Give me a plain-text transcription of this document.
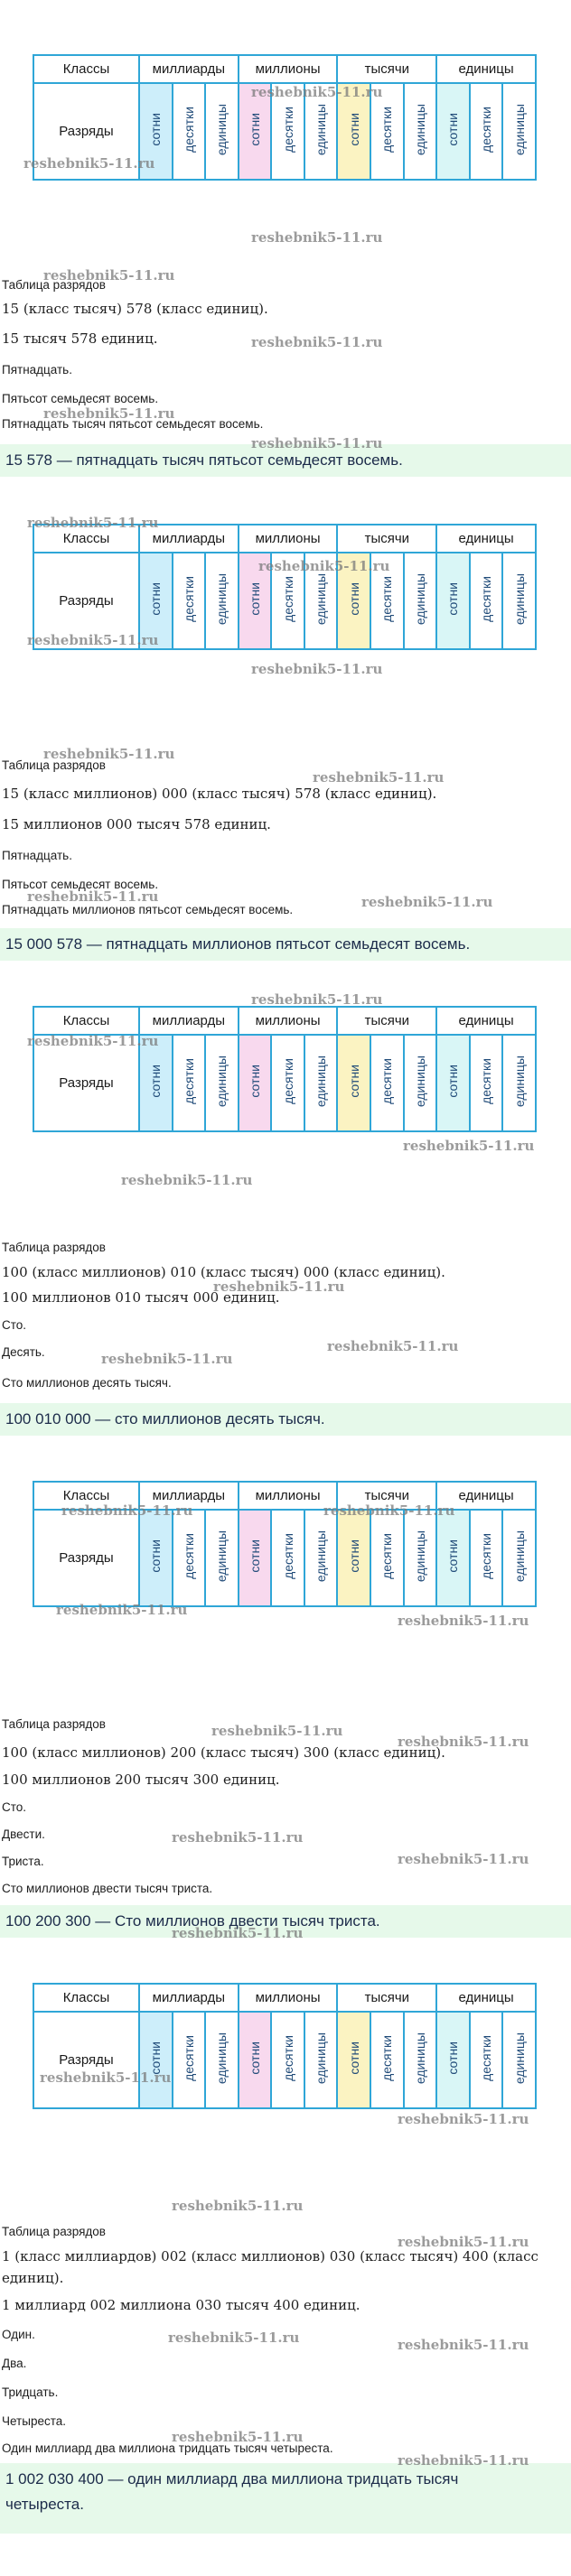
Классы	миллиарды			миллионы			тысячи			единицы		
Разряды	сотни	десятки	единицы	сотни	десятки	единицы	сотни	десятки	единицы	сотни	десятки	единицы
Таблица разрядов
15 (класс тысяч) 578 (класс единиц).
15 тысяч 578 единиц.
Пятнадцать.
Пятьсот семьдесят восемь.
Пятнадцать тысяч пятьсот семьдесят восемь.
15 578 — пятнадцать тысяч пятьсот семьдесят восемь.
Классы	миллиарды			миллионы			тысячи			единицы		
Разряды	сотни	десятки	единицы	сотни	десятки	единицы	сотни	десятки	единицы	сотни	десятки	единицы
Таблица разрядов
15 (класс миллионов) 000 (класс тысяч) 578 (класс единиц).
15 миллионов 000 тысяч 578 единиц.
Пятнадцать.
Пятьсот семьдесят восемь.
Пятнадцать миллионов пятьсот семьдесят восемь.
15 000 578 — пятнадцать миллионов пятьсот семьдесят восемь.
Классы	миллиарды			миллионы			тысячи			единицы		
Разряды	сотни	десятки	единицы	сотни	десятки	единицы	сотни	десятки	единицы	сотни	десятки	единицы
Таблица разрядов
100 (класс миллионов) 010 (класс тысяч) 000 (класс единиц).
100 миллионов 010 тысяч 000 единиц.
Сто.
Десять.
Сто миллионов десять тысяч.
100 010 000 — сто миллионов десять тысяч.
Классы	миллиарды			миллионы			тысячи			единицы		
Разряды	сотни	десятки	единицы	сотни	десятки	единицы	сотни	десятки	единицы	сотни	десятки	единицы
Таблица разрядов
100 (класс миллионов) 200 (класс тысяч) 300 (класс единиц).
100 миллионов 200 тысяч 300 единиц.
Сто.
Двести.
Триста.
Сто миллионов двести тысяч триста.
100 200 300 — Сто миллионов двести тысяч триста.
Классы	миллиарды			миллионы			тысячи			единицы		
Разряды	сотни	десятки	единицы	сотни	десятки	единицы	сотни	десятки	единицы	сотни	десятки	единицы
Таблица разрядов
1 (класс миллиардов) 002 (класс миллионов) 030 (класс тысяч) 400 (класс
единиц).
1 миллиард 002 миллиона 030 тысяч 400 единиц.
Один.
Два.
Тридцать.
Четыреста.
Один миллиард два миллиона тридцать тысяч четыреста.
1 002 030 400 — один миллиард два миллиона тридцать тысяч
четыреста.
reshebnik5-11.ru
reshebnik5-11.ru
reshebnik5-11.ru
reshebnik5-11.ru
reshebnik5-11.ru
reshebnik5-11.ru
reshebnik5-11.ru
reshebnik5-11.ru
reshebnik5-11.ru
reshebnik5-11.ru
reshebnik5-11.ru
reshebnik5-11.ru
reshebnik5-11.ru
reshebnik5-11.ru	reshebnik5-11.ru
reshebnik5-11.ru
reshebnik5-11.ru
reshebnik5-11.ru
reshebnik5-11.ru
reshebnik5-11.ru
reshebnik5-11.ru
reshebnik5-11.ru
reshebnik5-11.ru	reshebnik5-11.ru
reshebnik5-11.ru
reshebnik5-11.ru
reshebnik5-11.ru
reshebnik5-11.ru
reshebnik5-11.ru
reshebnik5-11.ru
reshebnik5-11.ru
reshebnik5-11.ru
reshebnik5-11.ru
reshebnik5-11.ru
reshebnik5-11.ru
reshebnik5-11.ru	reshebnik5-11.ru
reshebnik5-11.ru
reshebnik5-11.ru
